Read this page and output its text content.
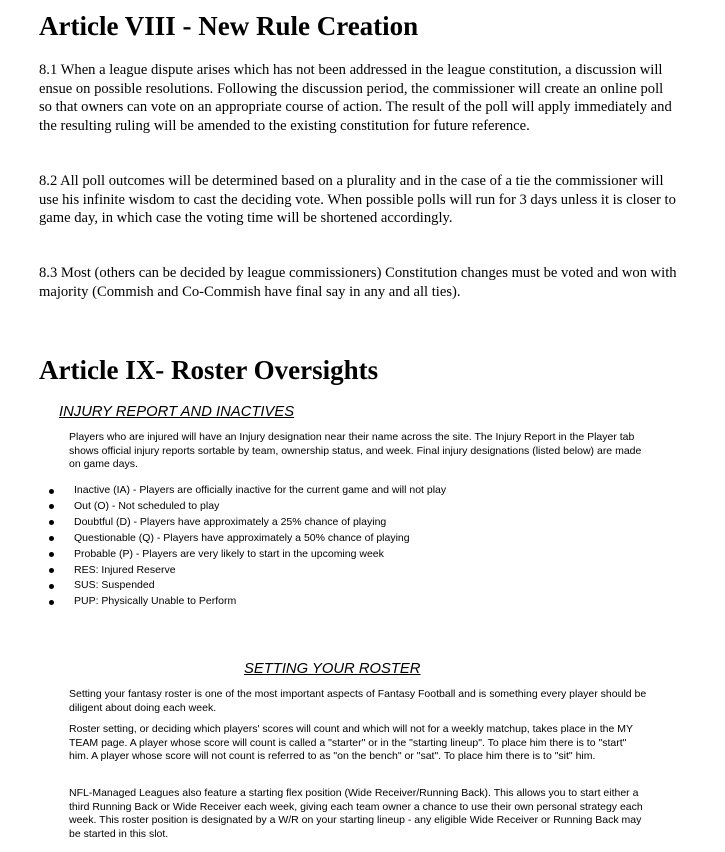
Article VIII - New Rule Creation

8.1 When a league dispute arises which has not been addressed in the league constitution, a discussion will ensue on possible resolutions. Following the discussion period, the commissioner will create an online poll so that owners can vote on an appropriate course of action. The result of the poll will apply immediately and the resulting ruling will be amended to the existing constitution for future reference.

8.2 All poll outcomes will be determined based on a plurality and in the case of a tie the commissioner will use his infinite wisdom to cast the deciding vote. When possible polls will run for 3 days unless it is closer to game day, in which case the voting time will be shortened accordingly.

8.3 Most (others can be decided by league commissioners) Constitution changes must be voted and won with majority (Commish and Co-Commish have final say in any and all ties).

Article IX- Roster Oversights
INJURY REPORT AND INACTIVES

Players who are injured will have an Injury designation near their name across the site. The Injury Report in the Player tab shows official injury reports sortable by team, ownership status, and week. Final injury designations (listed below) are made on game days.

Inactive (IA) - Players are officially inactive for the current game and will not play
Out (O) - Not scheduled to play
Doubtful (D) - Players have approximately a 25% chance of playing
Questionable (Q) - Players have approximately a 50% chance of playing
Probable (P) - Players are very likely to start in the upcoming week
RES: Injured Reserve
SUS: Suspended
PUP: Physically Unable to Perform
SETTING YOUR ROSTER

Setting your fantasy roster is one of the most important aspects of Fantasy Football and is something every player should be diligent about doing each week.

Roster setting, or deciding which players' scores will count and which will not for a weekly matchup, takes place in the MY TEAM page. A player whose score will count is called a "starter" or in the "starting lineup". To place him there is to "start" him. A player whose score will not count is referred to as "on the bench" or "sat". To place him there is to "sit" him.

NFL-Managed Leagues also feature a starting flex position (Wide Receiver/Running Back). This allows you to start either a third Running Back or Wide Receiver each week, giving each team owner a chance to use their own personal strategy each week. This roster position is designated by a W/R on your starting lineup - any eligible Wide Receiver or Running Back may be started in this slot.
